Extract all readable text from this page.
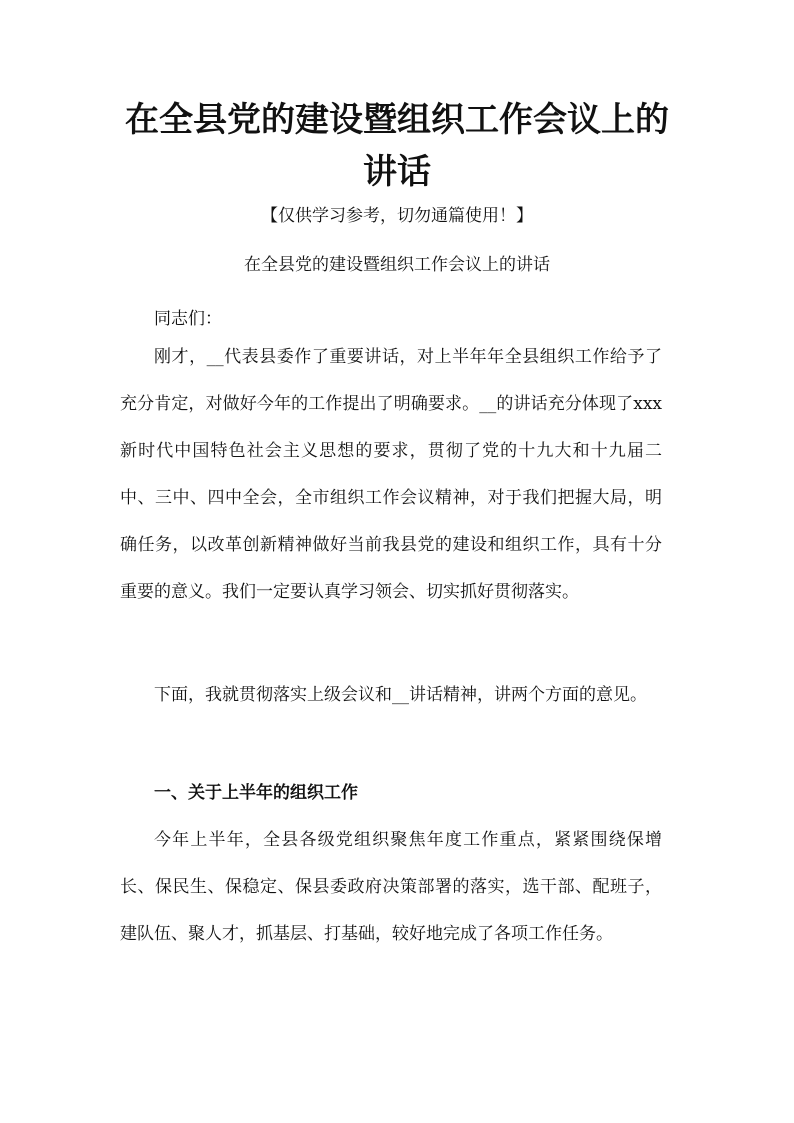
在全县党的建设暨组织工作会议上的讲话

【仅供学习参考，切勿通篇使用！】

在全县党的建设暨组织工作会议上的讲话

同志们：

刚才，__代表县委作了重要讲话，对上半年年全县组织工作给予了充分肯定，对做好今年的工作提出了明确要求。__的讲话充分体现了xxx新时代中国特色社会主义思想的要求，贯彻了党的十九大和十九届二中、三中、四中全会，全市组织工作会议精神，对于我们把握大局，明确任务，以改革创新精神做好当前我县党的建设和组织工作，具有十分重要的意义。我们一定要认真学习领会、切实抓好贯彻落实。

下面，我就贯彻落实上级会议和__讲话精神，讲两个方面的意见。

一、关于上半年的组织工作

今年上半年，全县各级党组织聚焦年度工作重点，紧紧围绕保增长、保民生、保稳定、保县委政府决策部署的落实，选干部、配班子，建队伍、聚人才，抓基层、打基础，较好地完成了各项工作任务。
